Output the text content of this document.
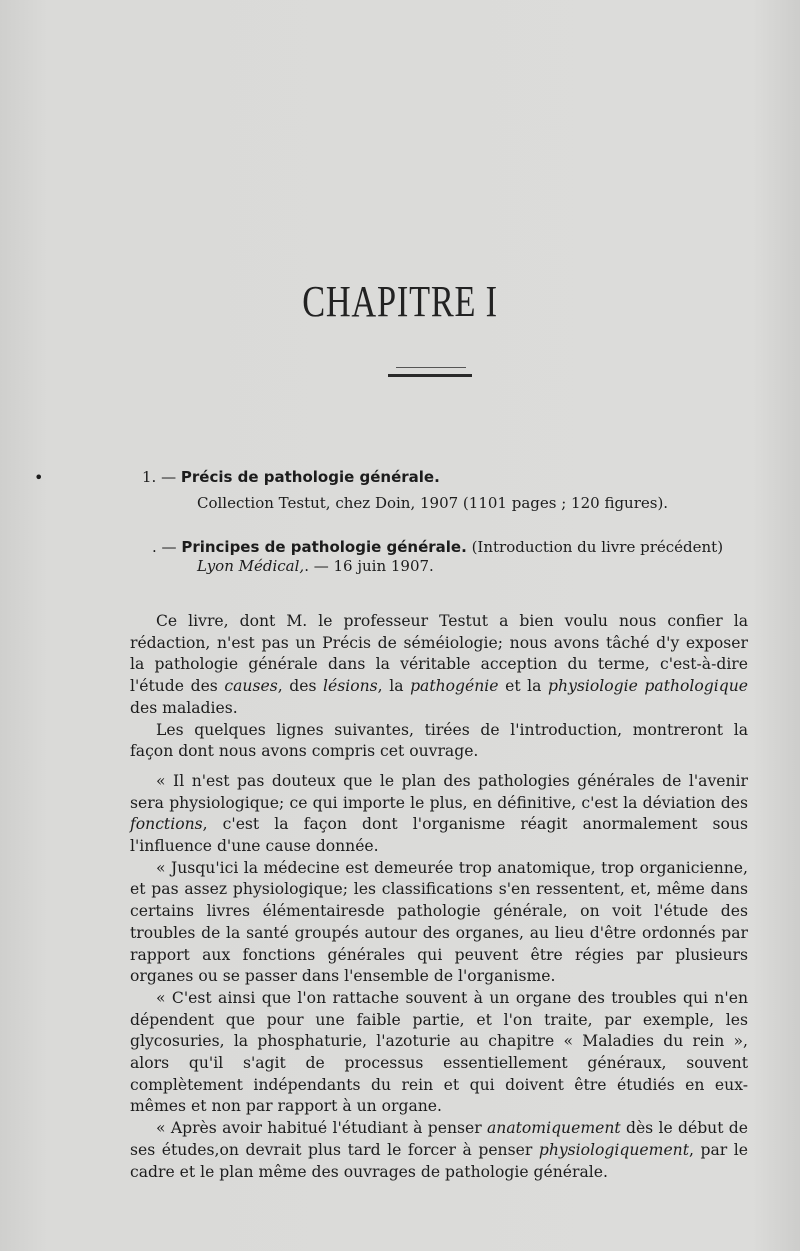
CHAPITRE I
•	1. — Précis de pathologie générale.
Collection Testut, chez Doin, 1907 (1101 pages ; 120 figures).
. — Principes de pathologie générale. (Introduction du livre précédent)
Lyon Médical,. — 16 juin 1907.

Ce livre, dont M. le professeur Testut a bien voulu nous confier la rédaction, n'est pas un Précis de séméiologie; nous avons tâché d'y exposer la pathologie générale dans la véritable acception du terme, c'est-à-dire l'étude des causes, des lésions, la pathogénie et la physiologie pathologique des maladies.

Les quelques lignes suivantes, tirées de l'introduction, montreront la façon dont nous avons compris cet ouvrage.

« Il n'est pas douteux que le plan des pathologies générales de l'avenir sera physiologique; ce qui importe le plus, en définitive, c'est la déviation des fonctions, c'est la façon dont l'organisme réagit anormalement sous l'influence d'une cause donnée.

« Jusqu'ici la médecine est demeurée trop anatomique, trop organicienne, et pas assez physiologique; les classifications s'en ressentent, et, même dans certains livres élémentairesde pathologie générale, on voit l'étude des troubles de la santé groupés autour des organes, au lieu d'être ordonnés par rapport aux fonctions générales qui peuvent être régies par plusieurs organes ou se passer dans l'ensemble de l'organisme.

« C'est ainsi que l'on rattache souvent à un organe des troubles qui n'en dépendent que pour une faible partie, et l'on traite, par exemple, les glycosuries, la phosphaturie, l'azoturie au chapitre « Maladies du rein », alors qu'il s'agit de processus essentiellement généraux, souvent complètement indépendants du rein et qui doivent être étudiés en eux-mêmes et non par rapport à un organe.

« Après avoir habitué l'étudiant à penser anatomiquement dès le début de ses études,on devrait plus tard le forcer à penser physiologiquement, par le cadre et le plan même des ouvrages de pathologie générale.
